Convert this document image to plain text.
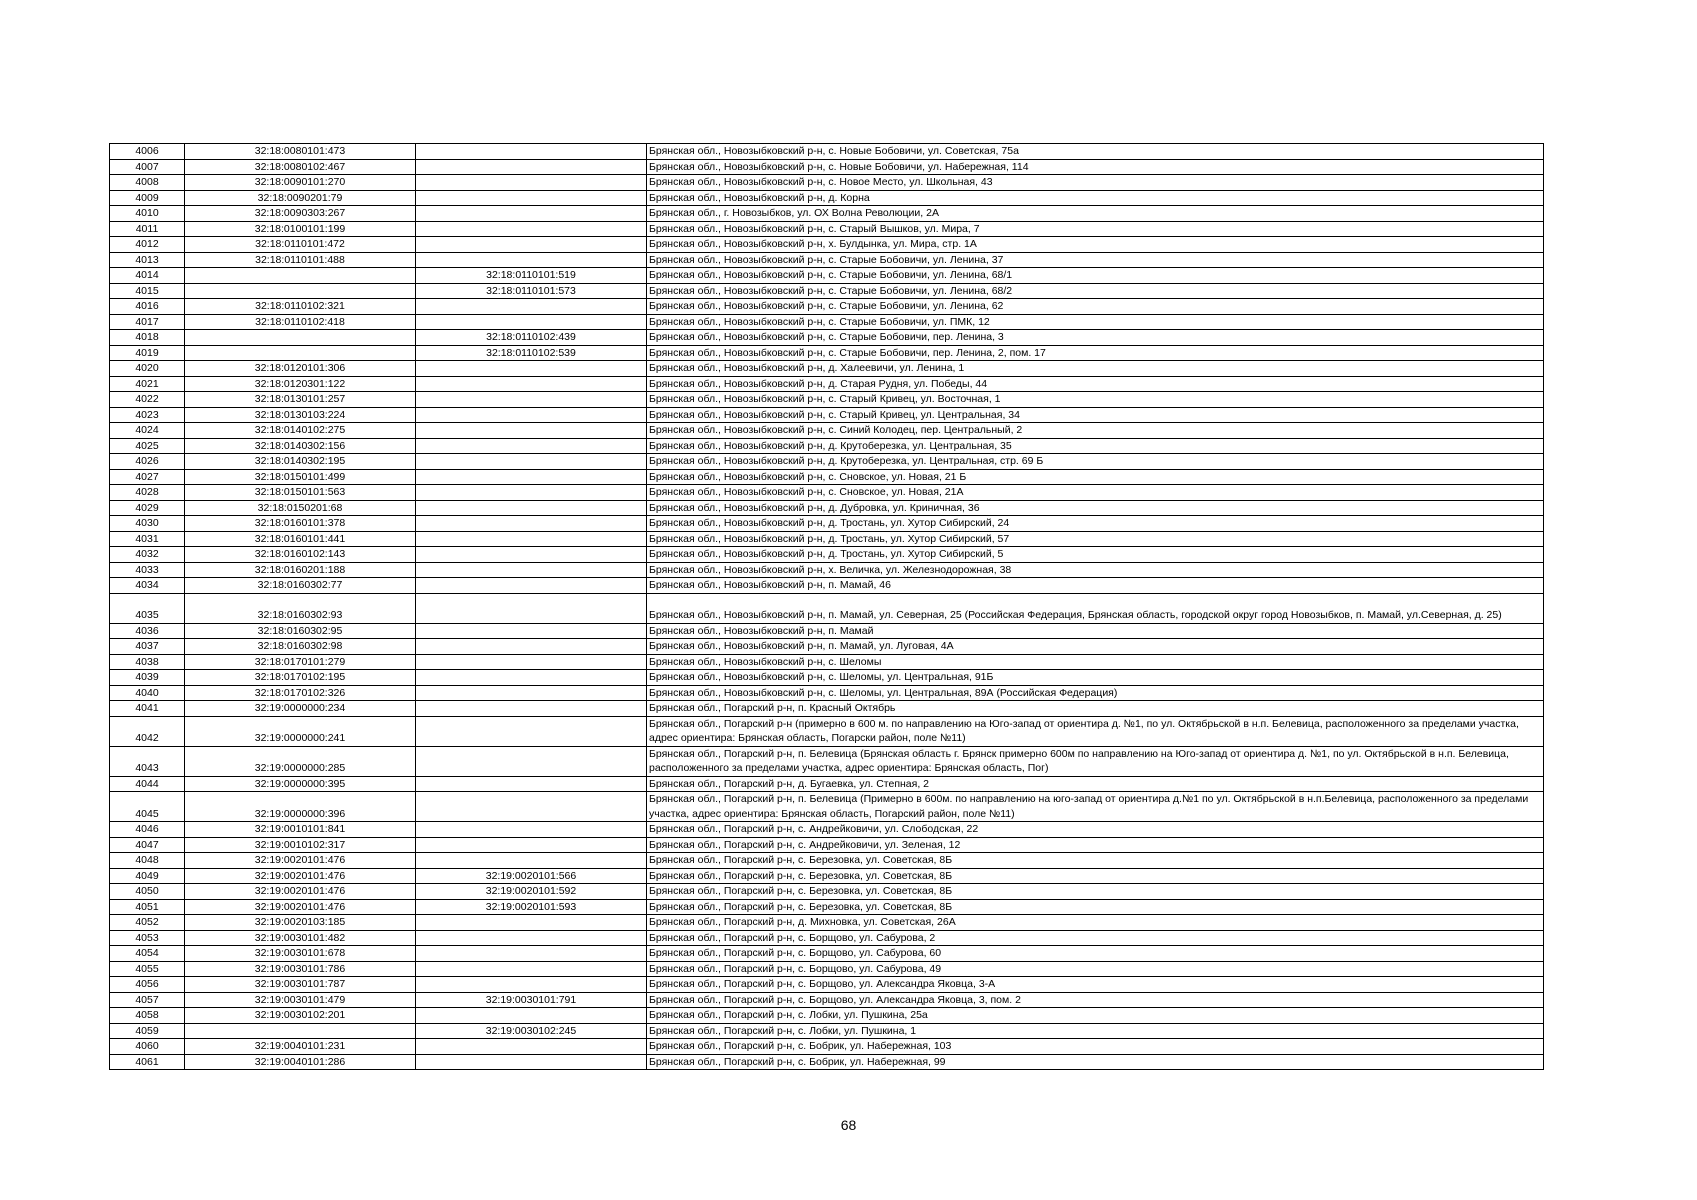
4006	32:18:0080101:473		Брянская обл., Новозыбковский р-н, с. Новые Бобовичи, ул. Советская, 75а
4007	32:18:0080102:467		Брянская обл., Новозыбковский р-н, с. Новые Бобовичи, ул. Набережная, 114
4008	32:18:0090101:270		Брянская обл., Новозыбковский р-н, с. Новое Место, ул. Школьная, 43
4009	32:18:0090201:79		Брянская обл., Новозыбковский р-н, д. Корна
4010	32:18:0090303:267		Брянская обл., г. Новозыбков, ул. ОХ Волна Революции, 2А
4011	32:18:0100101:199		Брянская обл., Новозыбковский р-н, с. Старый Вышков, ул. Мира, 7
4012	32:18:0110101:472		Брянская обл., Новозыбковский р-н, х. Булдынка, ул. Мира, стр. 1А
4013	32:18:0110101:488		Брянская обл., Новозыбковский р-н, с. Старые Бобовичи, ул. Ленина, 37
4014		32:18:0110101:519	Брянская обл., Новозыбковский р-н, с. Старые Бобовичи, ул. Ленина, 68/1
4015		32:18:0110101:573	Брянская обл., Новозыбковский р-н, с. Старые Бобовичи, ул. Ленина, 68/2
4016	32:18:0110102:321		Брянская обл., Новозыбковский р-н, с. Старые Бобовичи, ул. Ленина, 62
4017	32:18:0110102:418		Брянская обл., Новозыбковский р-н, с. Старые Бобовичи, ул. ПМК, 12
4018		32:18:0110102:439	Брянская обл., Новозыбковский р-н, с. Старые Бобовичи, пер. Ленина, 3
4019		32:18:0110102:539	Брянская обл., Новозыбковский р-н, с. Старые Бобовичи, пер. Ленина, 2, пом. 17
4020	32:18:0120101:306		Брянская обл., Новозыбковский р-н, д. Халеевичи, ул. Ленина, 1
4021	32:18:0120301:122		Брянская обл., Новозыбковский р-н, д. Старая Рудня, ул. Победы, 44
4022	32:18:0130101:257		Брянская обл., Новозыбковский р-н, с. Старый Кривец, ул. Восточная, 1
4023	32:18:0130103:224		Брянская обл., Новозыбковский р-н, с. Старый Кривец, ул. Центральная, 34
4024	32:18:0140102:275		Брянская обл., Новозыбковский р-н, с. Синий Колодец, пер. Центральный, 2
4025	32:18:0140302:156		Брянская обл., Новозыбковский р-н, д. Крутоберезка, ул. Центральная, 35
4026	32:18:0140302:195		Брянская обл., Новозыбковский р-н, д. Крутоберезка, ул. Центральная, стр. 69 Б
4027	32:18:0150101:499		Брянская обл., Новозыбковский р-н, с. Сновское, ул. Новая, 21 Б
4028	32:18:0150101:563		Брянская обл., Новозыбковский р-н, с. Сновское, ул. Новая, 21А
4029	32:18:0150201:68		Брянская обл., Новозыбковский р-н, д. Дубровка, ул. Криничная, 36
4030	32:18:0160101:378		Брянская обл., Новозыбковский р-н, д. Тростань, ул. Хутор Сибирский, 24
4031	32:18:0160101:441		Брянская обл., Новозыбковский р-н, д. Тростань, ул. Хутор Сибирский, 57
4032	32:18:0160102:143		Брянская обл., Новозыбковский р-н, д. Тростань, ул. Хутор Сибирский, 5
4033	32:18:0160201:188		Брянская обл., Новозыбковский р-н, х. Величка, ул. Железнодорожная, 38
4034	32:18:0160302:77		Брянская обл., Новозыбковский р-н, п. Мамай, 46
4035	32:18:0160302:93		Брянская обл., Новозыбковский р-н, п. Мамай, ул. Северная, 25 (Российская Федерация, Брянская область, городской округ город Новозыбков, п. Мамай, ул.Северная, д. 25)
4036	32:18:0160302:95		Брянская обл., Новозыбковский р-н, п. Мамай
4037	32:18:0160302:98		Брянская обл., Новозыбковский р-н, п. Мамай, ул. Луговая, 4А
4038	32:18:0170101:279		Брянская обл., Новозыбковский р-н, с. Шеломы
4039	32:18:0170102:195		Брянская обл., Новозыбковский р-н, с. Шеломы, ул. Центральная, 91Б
4040	32:18:0170102:326		Брянская обл., Новозыбковский р-н, с. Шеломы, ул. Центральная, 89А (Российская Федерация)
4041	32:19:0000000:234		Брянская обл., Погарский р-н, п. Красный Октябрь
4042	32:19:0000000:241		Брянская обл., Погарский р-н (примерно в 600 м. по направлению на Юго-запад от ориентира д. №1, по ул. Октябрьской в н.п. Белевица, расположенного за пределами участка, адрес ориентира: Брянская область, Погарски район, поле №11)
4043	32:19:0000000:285		Брянская обл., Погарский р-н, п. Белевица (Брянская область г. Брянск примерно 600м по направлению на Юго-запад от ориентира д. №1, по ул. Октябрьской в н.п. Белевица, расположенного за пределами участка, адрес ориентира: Брянская область, Пог)
4044	32:19:0000000:395		Брянская обл., Погарский р-н, д. Бугаевка, ул. Степная, 2
4045	32:19:0000000:396		Брянская обл., Погарский р-н, п. Белевица (Примерно в 600м. по направлению на юго-запад от ориентира д.№1 по ул. Октябрьской в н.п.Белевица, расположенного за пределами участка, адрес ориентира: Брянская область, Погарский район, поле №11)
4046	32:19:0010101:841		Брянская обл., Погарский р-н, с. Андрейковичи, ул. Слободская, 22
4047	32:19:0010102:317		Брянская обл., Погарский р-н, с. Андрейковичи, ул. Зеленая, 12
4048	32:19:0020101:476		Брянская обл., Погарский р-н, с. Березовка, ул. Советская, 8Б
4049	32:19:0020101:476	32:19:0020101:566	Брянская обл., Погарский р-н, с. Березовка, ул. Советская, 8Б
4050	32:19:0020101:476	32:19:0020101:592	Брянская обл., Погарский р-н, с. Березовка, ул. Советская, 8Б
4051	32:19:0020101:476	32:19:0020101:593	Брянская обл., Погарский р-н, с. Березовка, ул. Советская, 8Б
4052	32:19:0020103:185		Брянская обл., Погарский р-н, д. Михновка, ул. Советская, 26А
4053	32:19:0030101:482		Брянская обл., Погарский р-н, с. Борщово, ул. Сабурова, 2
4054	32:19:0030101:678		Брянская обл., Погарский р-н, с. Борщово, ул. Сабурова, 60
4055	32:19:0030101:786		Брянская обл., Погарский р-н, с. Борщово, ул. Сабурова, 49
4056	32:19:0030101:787		Брянская обл., Погарский р-н, с. Борщово, ул. Александра Яковца, 3-А
4057	32:19:0030101:479	32:19:0030101:791	Брянская обл., Погарский р-н, с. Борщово, ул. Александра Яковца, 3, пом. 2
4058	32:19:0030102:201		Брянская обл., Погарский р-н, с. Лобки, ул. Пушкина, 25а
4059		32:19:0030102:245	Брянская обл., Погарский р-н, с. Лобки, ул. Пушкина, 1
4060	32:19:0040101:231		Брянская обл., Погарский р-н, с. Бобрик, ул. Набережная, 103
4061	32:19:0040101:286		Брянская обл., Погарский р-н, с. Бобрик, ул. Набережная, 99
68
